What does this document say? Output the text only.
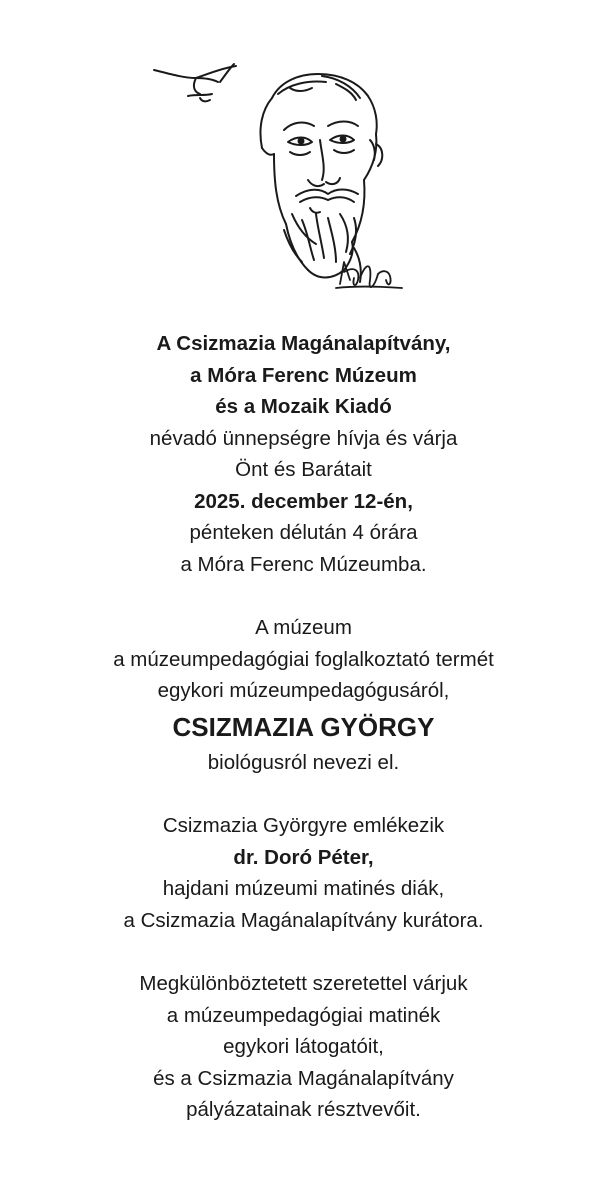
A Csizmazia Magánalapítvány,
a Móra Ferenc Múzeum
és a Mozaik Kiadó
névadó ünnepségre hívja és várja
Önt és Barátait
2025. december 12-én,
pénteken délután 4 órára
a Móra Ferenc Múzeumba.
A múzeum
a múzeumpedagógiai foglalkoztató termét
egykori múzeumpedagógusáról,
CSIZMAZIA GYÖRGY
biológusról nevezi el.
Csizmazia Györgyre emlékezik
dr. Doró Péter,
hajdani múzeumi matinés diák,
a Csizmazia Magánalapítvány kurátora.
Megkülönböztetett szeretettel várjuk
a múzeumpedagógiai matinék
egykori látogatóit,
és a Csizmazia Magánalapítvány
pályázatainak résztvevőit.
